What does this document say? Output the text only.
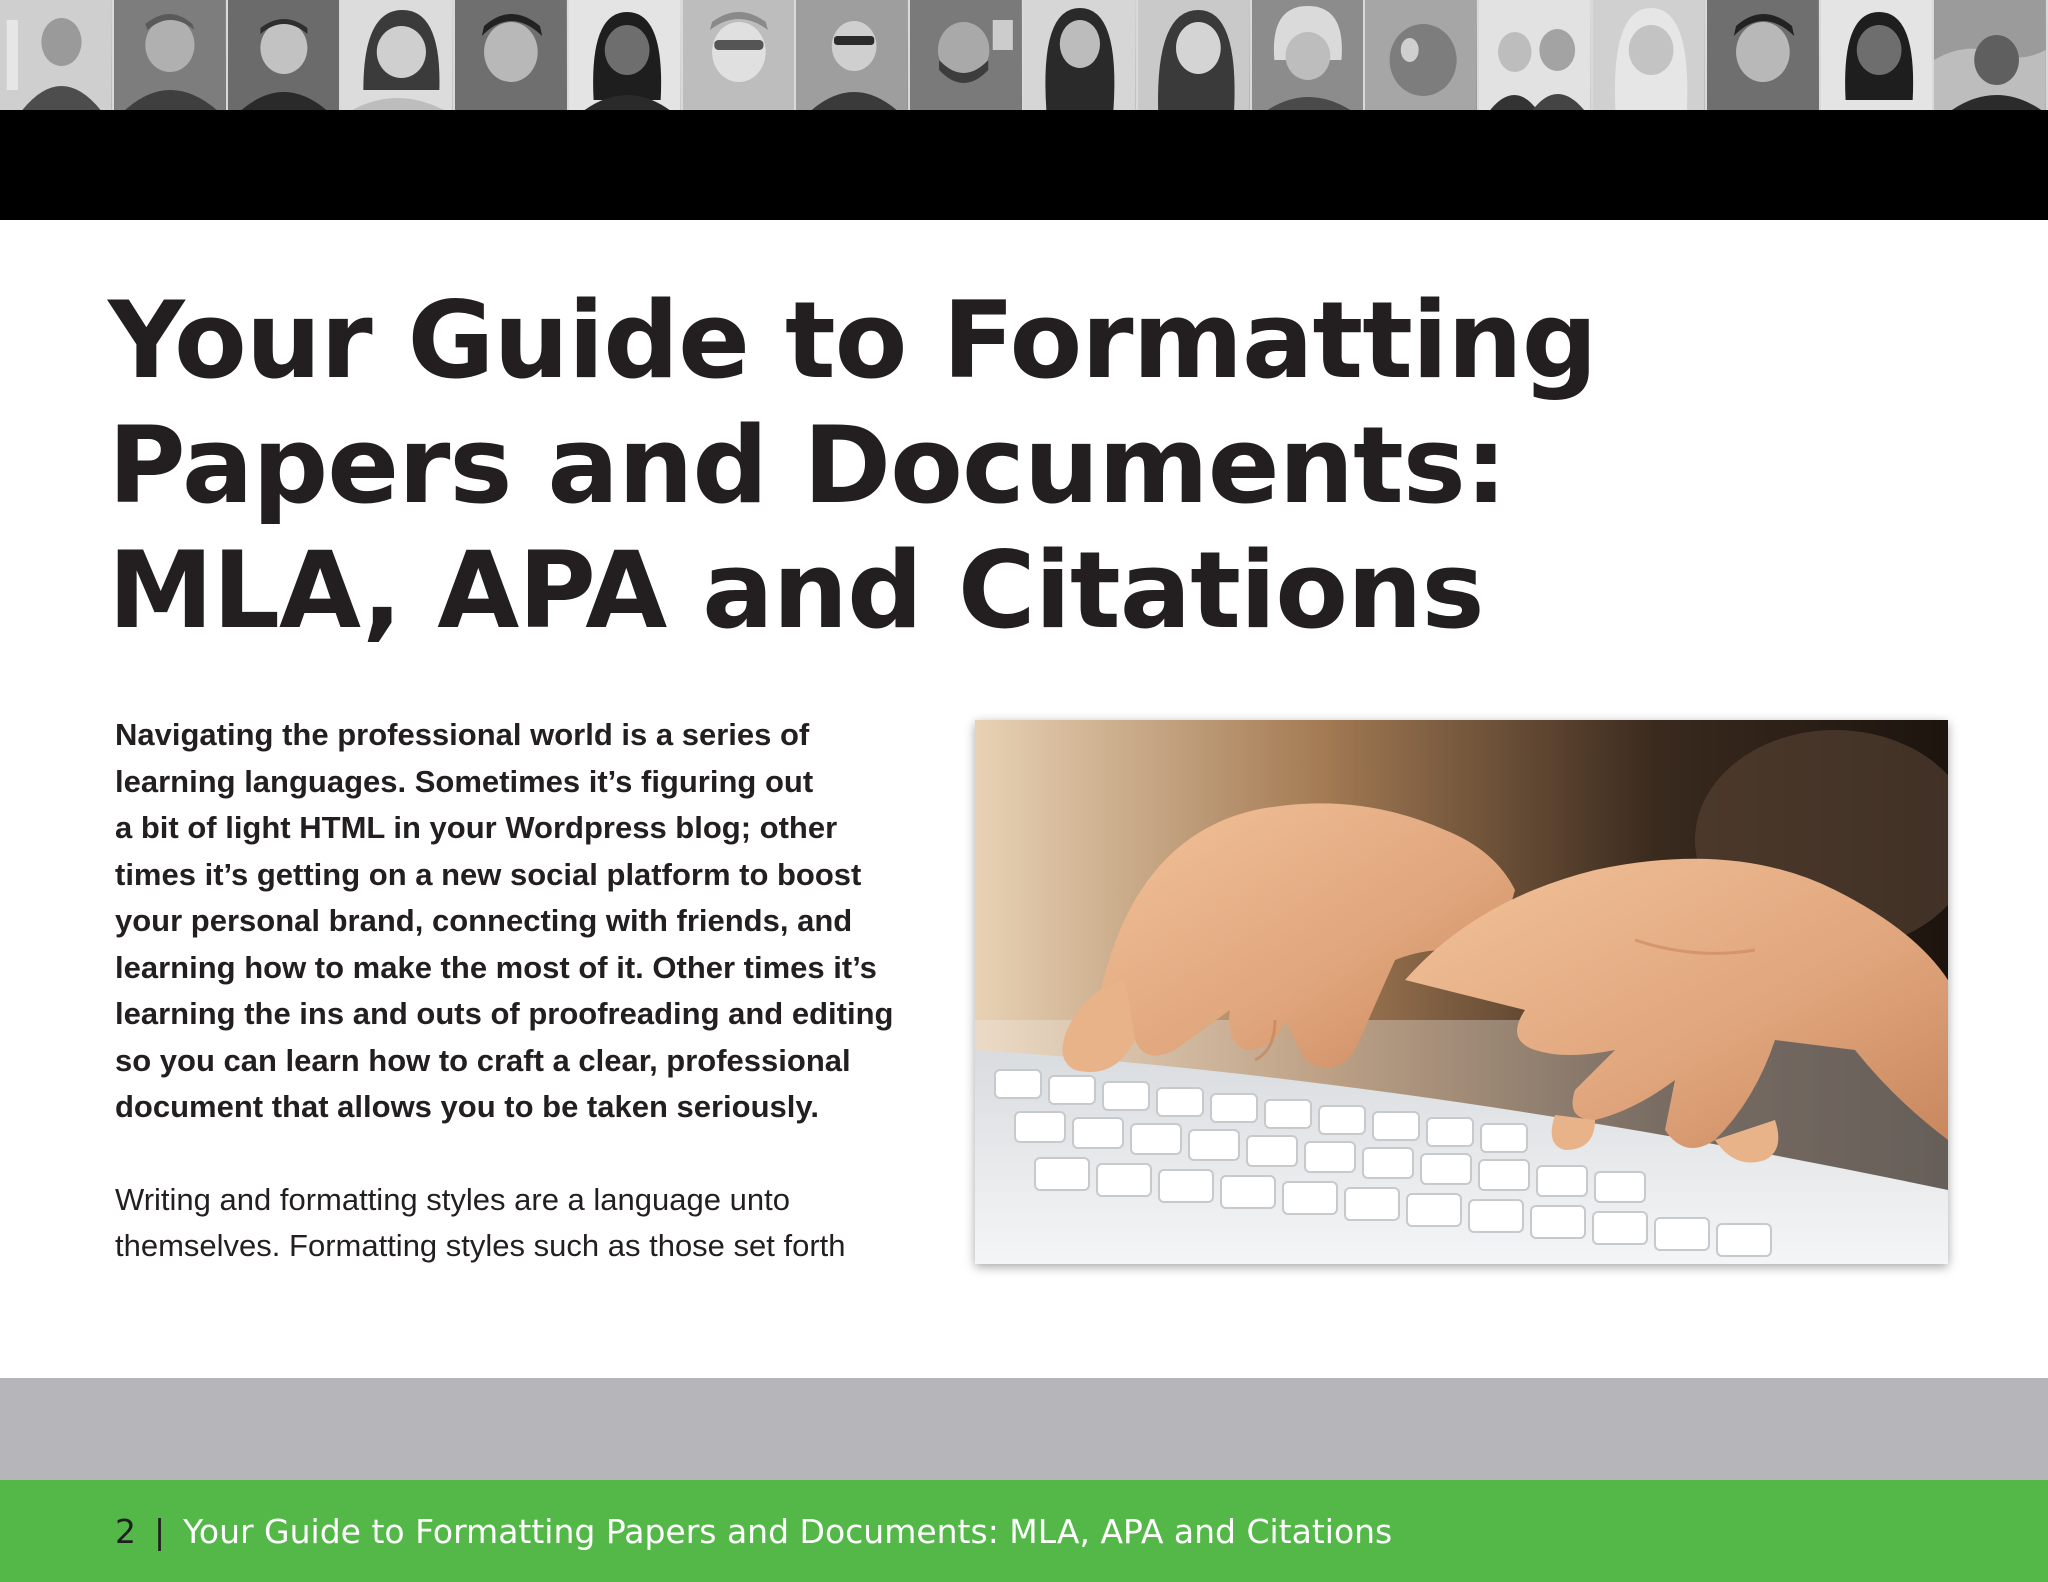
Your Guide to Formatting
Papers and Documents:
MLA, APA and Citations

Navigating the professional world is a series of
learning languages. Sometimes it’s figuring out
a bit of light HTML in your Wordpress blog; other
times it’s getting on a new social platform to boost
your personal brand, connecting with friends, and
learning how to make the most of it. Other times it’s
learning the ins and outs of proofreading and editing
so you can learn how to craft a clear, professional
document that allows you to be taken seriously.

Writing and formatting styles are a language unto
themselves. Formatting styles such as those set forth

2 | Your Guide to Formatting Papers and Documents: MLA, APA and Citations
